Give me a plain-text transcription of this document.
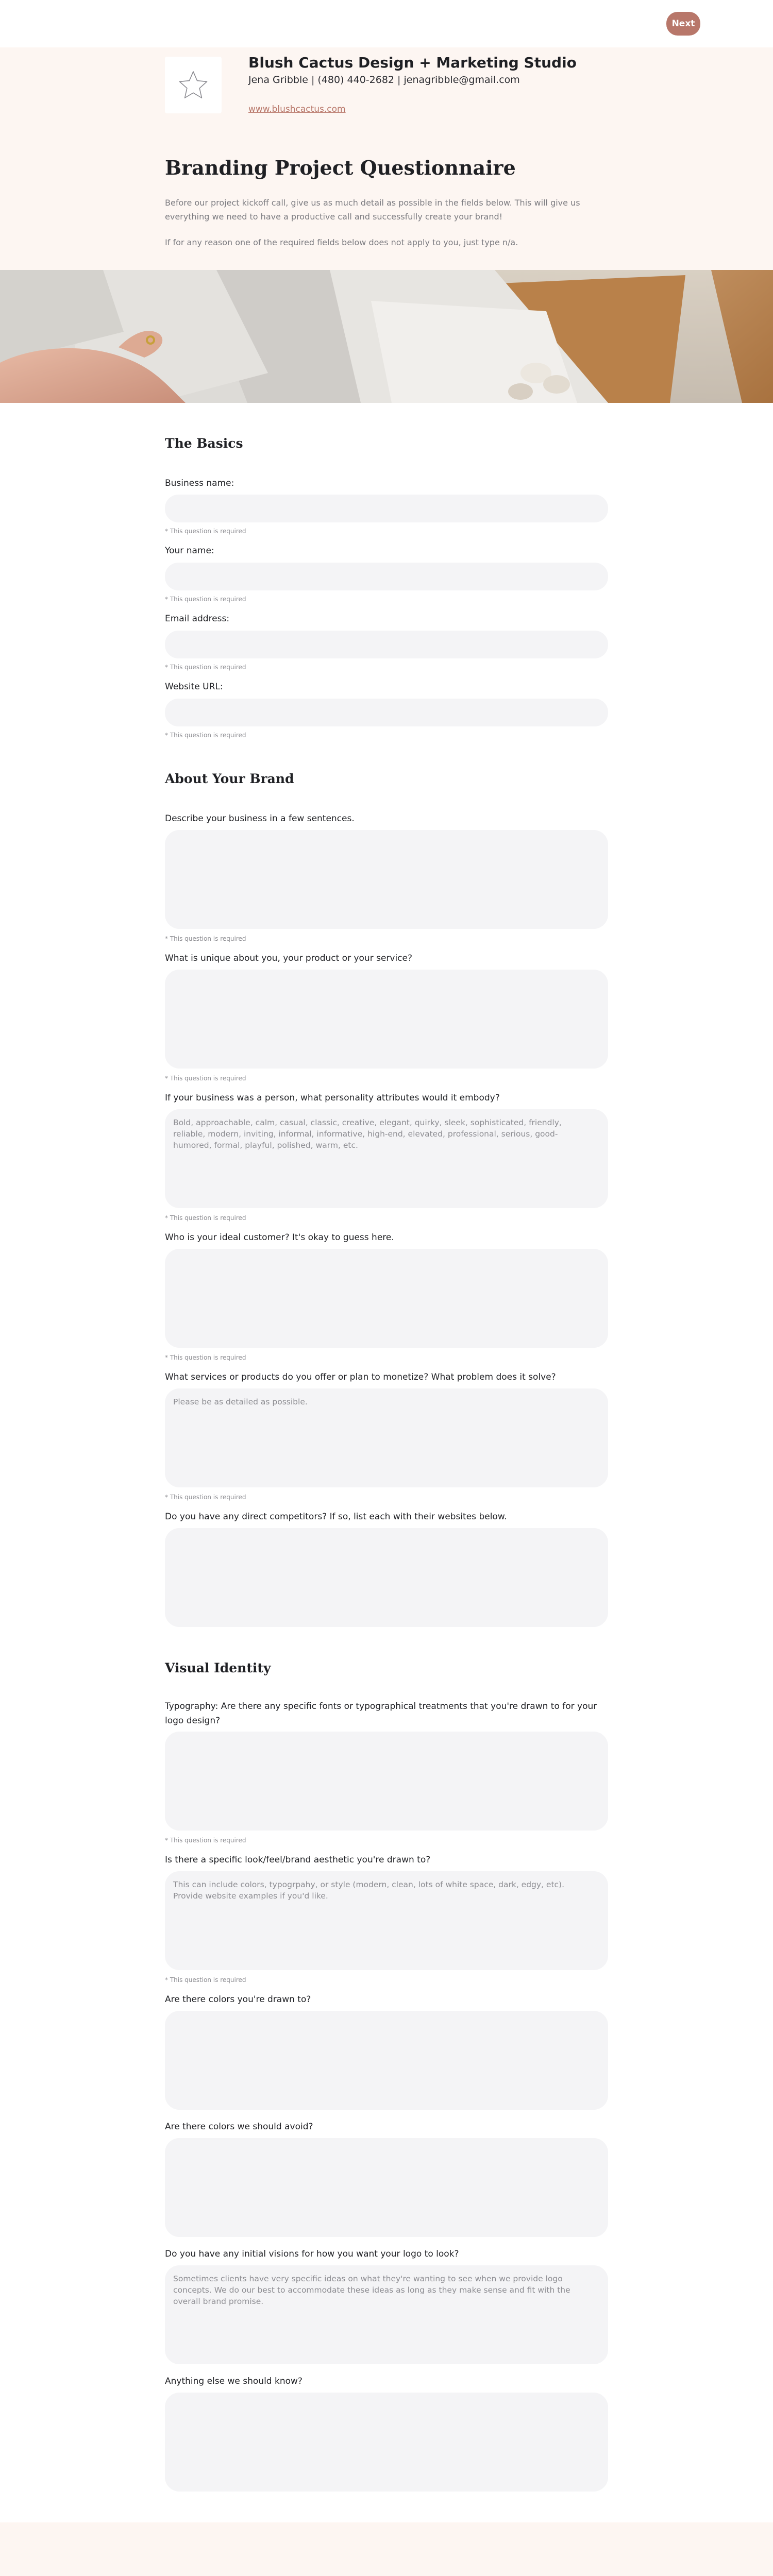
Next
Blush Cactus Design + Marketing Studio
Jena Gribble | (480) 440-2682 | jenagribble@gmail.com
www.blushcactus.com
Branding Project Questionnaire
Before our project kickoff call, give us as much detail as possible in the fields below. This will give us everything we need to have a productive call and successfully create your brand!
If for any reason one of the required fields below does not apply to you, just type n/a.
The Basics
Business name:
* This question is required
Your name:
* This question is required
Email address:
* This question is required
Website URL:
* This question is required
About Your Brand
Describe your business in a few sentences.
* This question is required
What is unique about you, your product or your service?
* This question is required
If your business was a person, what personality attributes would it embody?
Bold, approachable, calm, casual, classic, creative, elegant, quirky, sleek, sophisticated, friendly, reliable, modern, inviting, informal, informative, high-end, elevated, professional, serious, good-humored, formal, playful, polished, warm, etc.
* This question is required
Who is your ideal customer? It's okay to guess here.
* This question is required
What services or products do you offer or plan to monetize? What problem does it solve?
Please be as detailed as possible.
* This question is required
Do you have any direct competitors? If so, list each with their websites below.
Visual Identity
Typography: Are there any specific fonts or typographical treatments that you're drawn to for your logo design?
* This question is required
Is there a specific look/feel/brand aesthetic you're drawn to?
This can include colors, typogrpahy, or style (modern, clean, lots of white space, dark, edgy, etc). Provide website examples if you'd like.
* This question is required
Are there colors you're drawn to?
Are there colors we should avoid?
Do you have any initial visions for how you want your logo to look?
Sometimes clients have very specific ideas on what they're wanting to see when we provide logo concepts. We do our best to accommodate these ideas as long as they make sense and fit with the overall brand promise.
Anything else we should know?
